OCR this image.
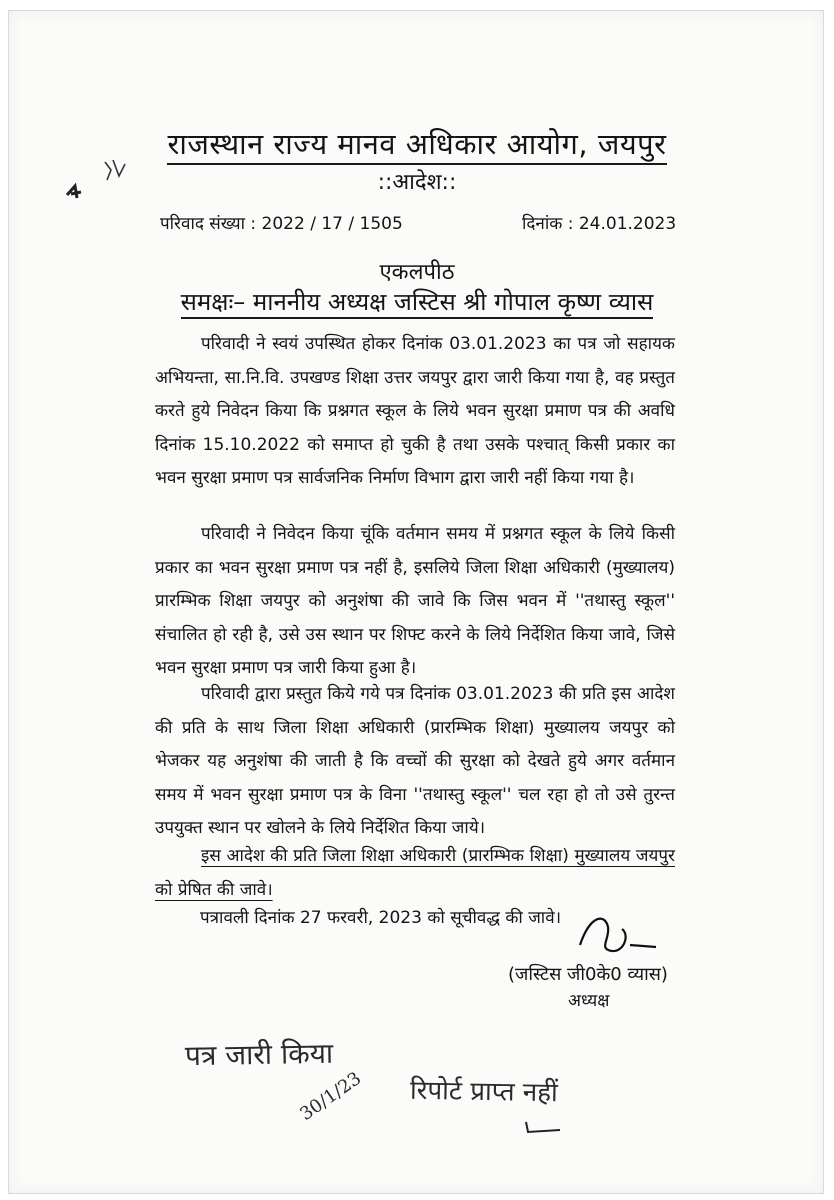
राजस्थान राज्य मानव अधिकार आयोग, जयपुर
::आदेश::
परिवाद संख्या : 2022 / 17 / 1505	दिनांक : 24.01.2023
एकलपीठ
समक्षः– माननीय अध्यक्ष जस्टिस श्री गोपाल कृष्ण व्यास
परिवादी ने स्वयं उपस्थित होकर दिनांक 03.01.2023 का पत्र जो सहायक अभियन्ता, सा.नि.वि. उपखण्ड शिक्षा उत्तर जयपुर द्वारा जारी किया गया है, वह प्रस्तुत करते हुये निवेदन किया कि प्रश्नगत स्कूल के लिये भवन सुरक्षा प्रमाण पत्र की अवधि दिनांक 15.10.2022 को समाप्त हो चुकी है तथा उसके पश्चात् किसी प्रकार का भवन सुरक्षा प्रमाण पत्र सार्वजनिक निर्माण विभाग द्वारा जारी नहीं किया गया है।
परिवादी ने निवेदन किया चूंकि वर्तमान समय में प्रश्नगत स्कूल के लिये किसी प्रकार का भवन सुरक्षा प्रमाण पत्र नहीं है, इसलिये जिला शिक्षा अधिकारी (मुख्यालय) प्रारम्भिक शिक्षा जयपुर को अनुशंषा की जावे कि जिस भवन में ''तथास्तु स्कूल'' संचालित हो रही है, उसे उस स्थान पर शिफ्ट करने के लिये निर्देशित किया जावे, जिसे भवन सुरक्षा प्रमाण पत्र जारी किया हुआ है।
परिवादी द्वारा प्रस्तुत किये गये पत्र दिनांक 03.01.2023 की प्रति इस आदेश की प्रति के साथ जिला शिक्षा अधिकारी (प्रारम्भिक शिक्षा) मुख्यालय जयपुर को भेजकर यह अनुशंषा की जाती है कि वच्चों की सुरक्षा को देखते हुये अगर वर्तमान समय में भवन सुरक्षा प्रमाण पत्र के विना ''तथास्तु स्कूल'' चल रहा हो तो उसे तुरन्त उपयुक्त स्थान पर खोलने के लिये निर्देशित किया जाये।
इस आदेश की प्रति जिला शिक्षा अधिकारी (प्रारम्भिक शिक्षा) मुख्यालय जयपुर को प्रेषित की जावे।
पत्रावली दिनांक 27 फरवरी, 2023 को सूचीवद्ध की जावे।
(जस्टिस जी0के0 व्यास)
अध्यक्ष
पत्र जारी किया
30/1/23 रिपोर्ट प्राप्त नहीं
